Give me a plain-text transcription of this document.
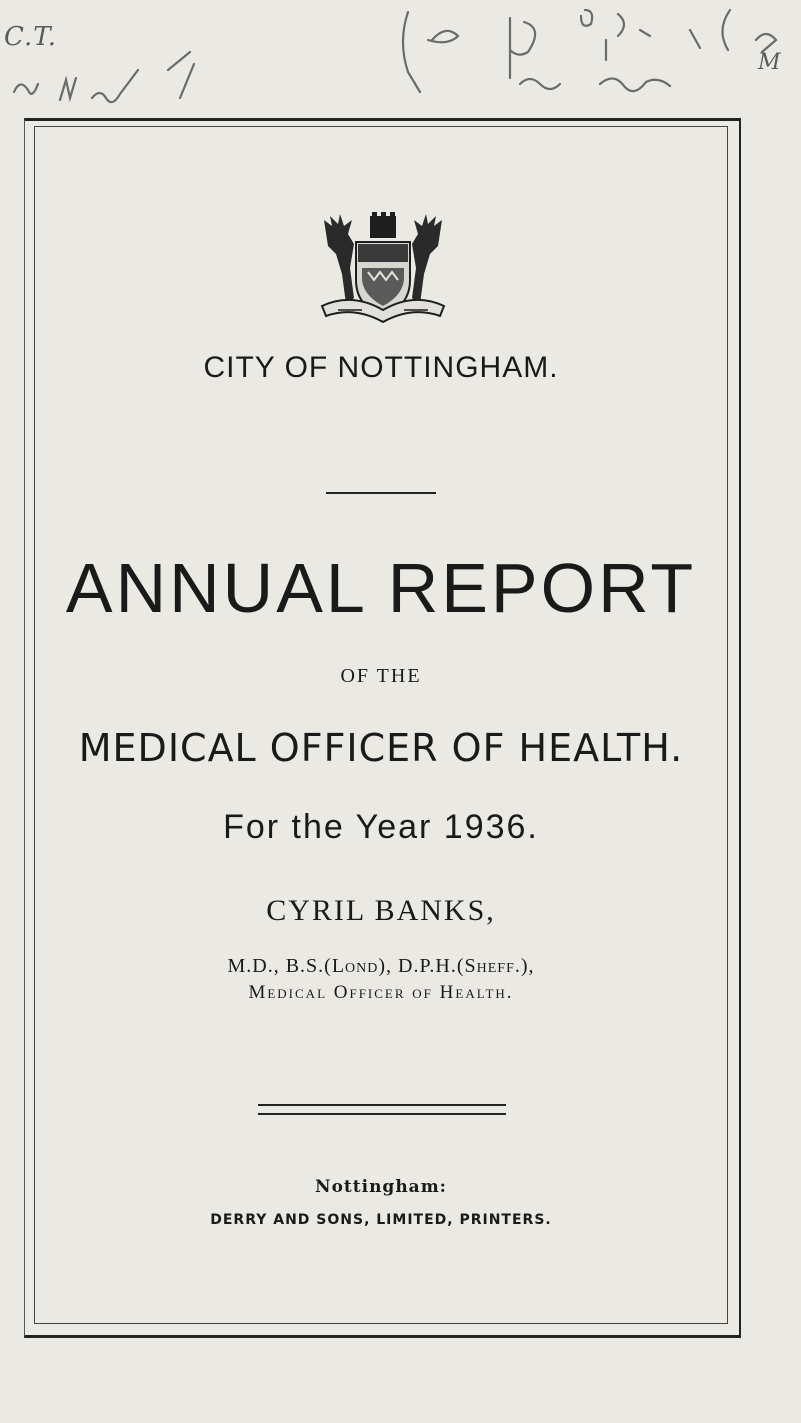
C.T.
M
CITY OF NOTTINGHAM.
ANNUAL REPORT
OF THE
MEDICAL OFFICER OF HEALTH.
For the Year 1936.
CYRIL BANKS,
M.D., B.S.(Lond), D.P.H.(Sheff.),
Medical Officer of Health.
Nottingham:
DERRY AND SONS, LIMITED, PRINTERS.
